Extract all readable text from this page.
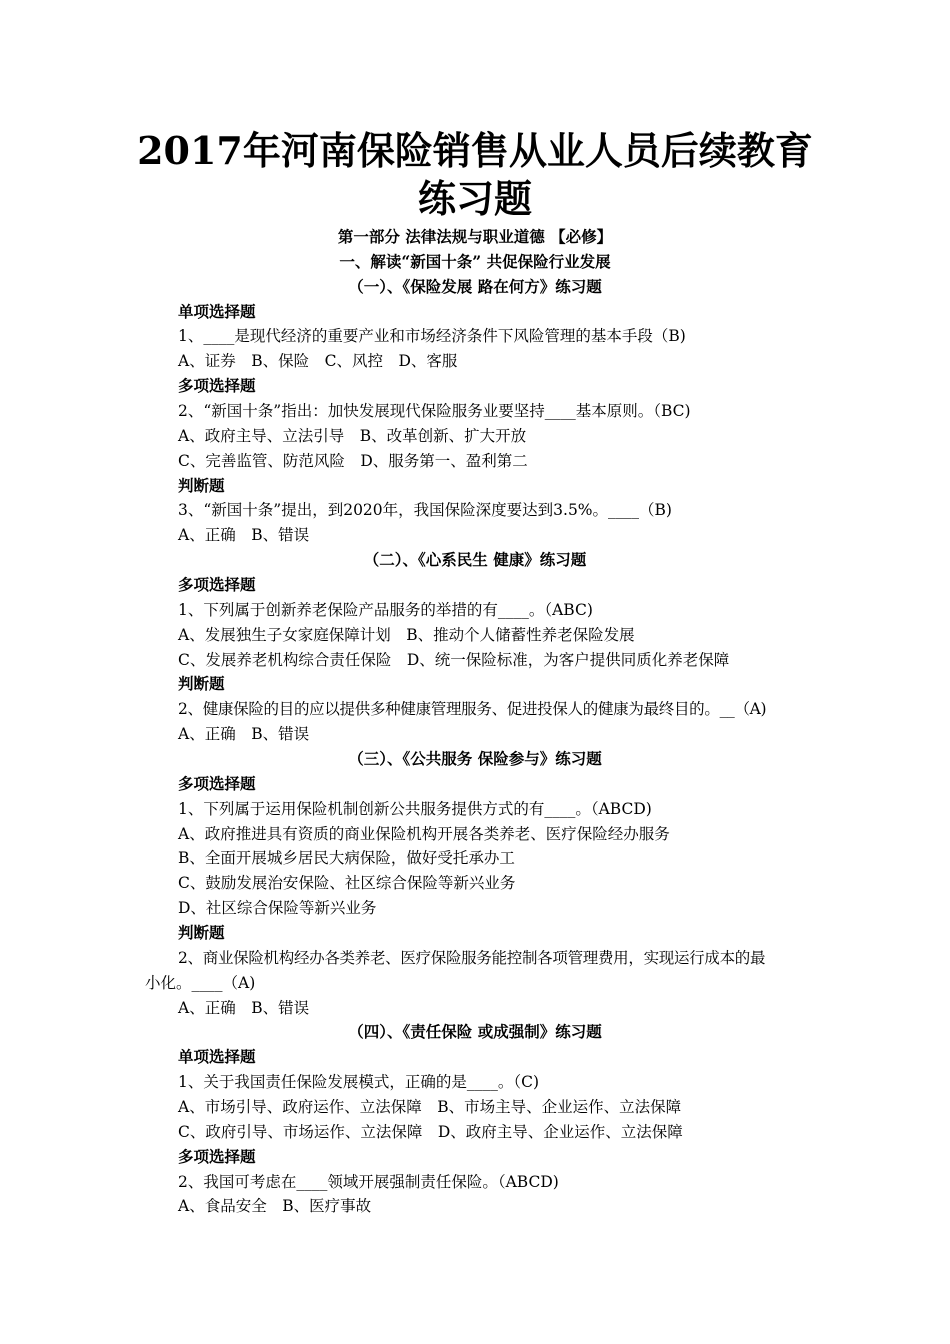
2017年河南保险销售从业人员后续教育
练习题
第一部分 法律法规与职业道德 【必修】
一、解读“新国十条” 共促保险行业发展
（一）、《保险发展 路在何方》练习题
单项选择题
1、____是现代经济的重要产业和市场经济条件下风险管理的基本手段（B)
A、证券　B、保险　C、风控　D、客服
多项选择题
2、“新国十条”指出：加快发展现代保险服务业要坚持____基本原则。（BC)
A、政府主导、立法引导　B、改革创新、扩大开放
C、完善监管、防范风险　D、服务第一、盈利第二
判断题
3、“新国十条”提出，到2020年，我国保险深度要达到3.5%。____（B)
A、正确　B、错误
（二）、《心系民生 健康》练习题
多项选择题
1、下列属于创新养老保险产品服务的举措的有____。（ABC)
A、发展独生子女家庭保障计划　B、推动个人储蓄性养老保险发展
C、发展养老机构综合责任保险　D、统一保险标准，为客户提供同质化养老保障
判断题
2、健康保险的目的应以提供多种健康管理服务、促进投保人的健康为最终目的。__（A)
A、正确　B、错误
（三）、《公共服务 保险参与》练习题
多项选择题
1、下列属于运用保险机制创新公共服务提供方式的有____。（ABCD)
A、政府推进具有资质的商业保险机构开展各类养老、医疗保险经办服务
B、全面开展城乡居民大病保险，做好受托承办工
C、鼓励发展治安保险、社区综合保险等新兴业务
D、社区综合保险等新兴业务
判断题
2、商业保险机构经办各类养老、医疗保险服务能控制各项管理费用，实现运行成本的最
小化。____（A)
A、正确　B、错误
（四）、《责任保险 或成强制》练习题
单项选择题
1、关于我国责任保险发展模式，正确的是____。（C)
A、市场引导、政府运作、立法保障　B、市场主导、企业运作、立法保障
C、政府引导、市场运作、立法保障　D、政府主导、企业运作、立法保障
多项选择题
2、我国可考虑在____领域开展强制责任保险。（ABCD)
A、食品安全　B、医疗事故
